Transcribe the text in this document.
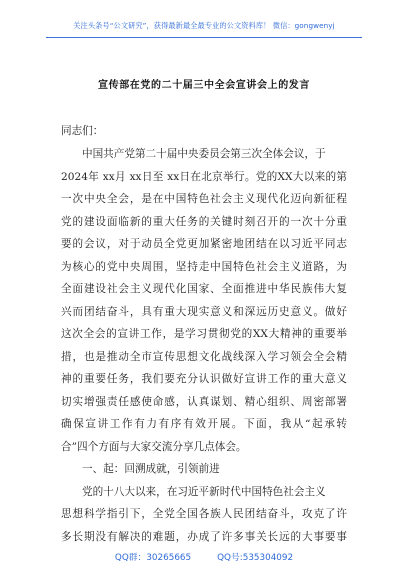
关注头条号“公文研究”，获得最新最全最专业的公文资料库！ 微信：gongwenyj
宣传部在党的二十届三中全会宣讲会上的发言
同志们：
中国共产党第二十届中央委员会第三次全体会议，于
2024年 xx月 xx日至 xx日在北京举行。党的XX大以来的第
一次中央全会，是在中国特色社会主义现代化迈向新征程
党的建设面临新的重大任务的关键时刻召开的一次十分重
要的会议，对于动员全党更加紧密地团结在以习近平同志
为核心的党中央周围，坚持走中国特色社会主义道路，为
全面建设社会主义现代化国家、全面推进中华民族伟大复
兴而团结奋斗，具有重大现实意义和深远历史意义。做好
这次全会的宣讲工作，是学习贯彻党的XX大精神的重要举
措，也是推动全市宣传思想文化战线深入学习领会全会精
神的重要任务，我们要充分认识做好宣讲工作的重大意义
切实增强责任感使命感，认真谋划、精心组织、周密部署
确保宣讲工作有力有序有效开展。下面，我从“起承转
合”四个方面与大家交流分享几点体会。
一、起：回溯成就，引领前进
党的十八大以来，在习近平新时代中国特色社会主义
思想科学指引下，全党全国各族人民团结奋斗，攻克了许
多长期没有解决的难题，办成了许多事关长远的大事要事
QQ群：30265665	QQ号:535304092
